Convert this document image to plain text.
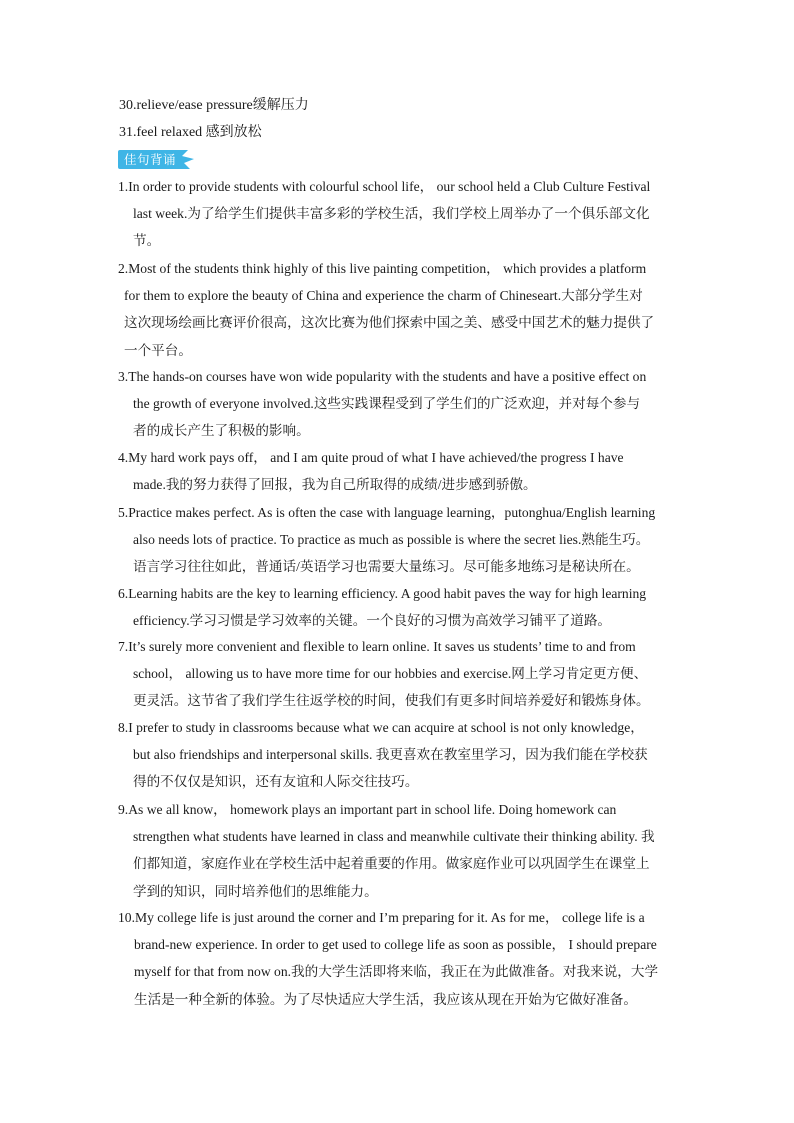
30.relieve/ease pressure缓解压力
31.feel relaxed 感到放松
佳句背诵
1.In order to provide students with colourful school life， our school held a Club Culture Festival
last week.为了给学生们提供丰富多彩的学校生活，我们学校上周举办了一个俱乐部文化
节。
2.Most of the students think highly of this live painting competition， which provides a platform
for them to explore the beauty of China and experience the charm of Chineseart.大部分学生对
这次现场绘画比赛评价很高，这次比赛为他们探索中国之美、感受中国艺术的魅力提供了
一个平台。
3.The hands-on courses have won wide popularity with the students and have a positive effect on
the growth of everyone involved.这些实践课程受到了学生们的广泛欢迎，并对每个参与
者的成长产生了积极的影响。
4.My hard work pays off， and I am quite proud of what I have achieved/the progress I have
made.我的努力获得了回报，我为自己所取得的成绩/进步感到骄傲。
5.Practice makes perfect. As is often the case with language learning，putonghua/English learning
also needs lots of practice. To practice as much as possible is where the secret lies.熟能生巧。
语言学习往往如此，普通话/英语学习也需要大量练习。尽可能多地练习是秘诀所在。
6.Learning habits are the key to learning efficiency. A good habit paves the way for high learning
efficiency.学习习惯是学习效率的关键。一个良好的习惯为高效学习铺平了道路。
7.It’s surely more convenient and flexible to learn online. It saves us students’ time to and from
school， allowing us to have more time for our hobbies and exercise.网上学习肯定更方便、
更灵活。这节省了我们学生往返学校的时间，使我们有更多时间培养爱好和锻炼身体。
8.I prefer to study in classrooms because what we can acquire at school is not only knowledge，
but also friendships and interpersonal skills. 我更喜欢在教室里学习，因为我们能在学校获
得的不仅仅是知识，还有友谊和人际交往技巧。
9.As we all know， homework plays an important part in school life. Doing homework can
strengthen what students have learned in class and meanwhile cultivate their thinking ability. 我
们都知道，家庭作业在学校生活中起着重要的作用。做家庭作业可以巩固学生在课堂上
学到的知识，同时培养他们的思维能力。
10.My college life is just around the corner and I’m preparing for it. As for me， college life is a
brand-new experience. In order to get used to college life as soon as possible， I should prepare
myself for that from now on.我的大学生活即将来临，我正在为此做准备。对我来说，大学
生活是一种全新的体验。为了尽快适应大学生活，我应该从现在开始为它做好准备。
